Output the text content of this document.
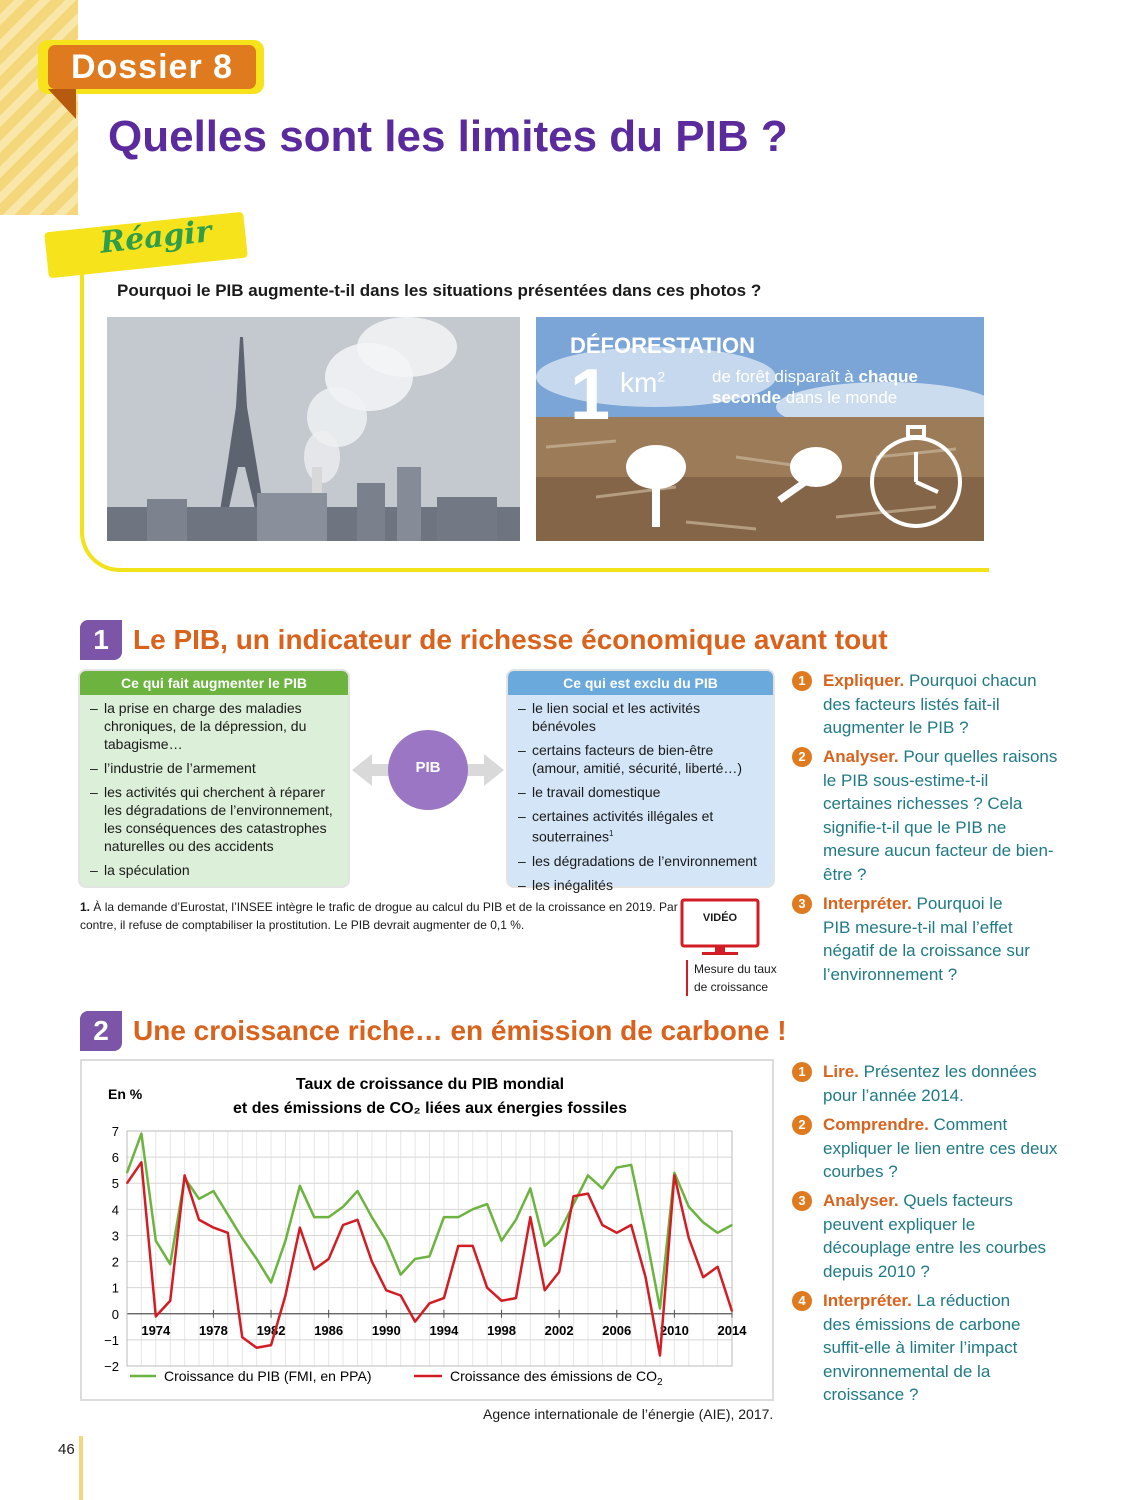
Dossier 8
Quelles sont les limites du PIB ?
Réagir
Pourquoi le PIB augmente-t-il dans les situations présentées dans ces photos ?
DÉFORESTATION
1 $km^2$	de forêt disparaît à chaque
seconde dans le monde
1 Le PIB, un indicateur de richesse économique avant tout
Ce qui fait augmenter le PIB
– la prise en charge des maladies chroniques, de la dépression, du tabagisme…
– l’industrie de l’armement
– les activités qui cherchent à réparer les dégradations de l’environnement, les conséquences des catastrophes naturelles ou des accidents
– la spéculation
PIB
Ce qui est exclu du PIB
– le lien social et les activités bénévoles
– certains facteurs de bien-être (amour, amitié, sécurité, liberté…)
– le travail domestique
– certaines activités illégales et souterraines$^1$
– les dégradations de l’environnement
– les inégalités
1. À la demande d’Eurostat, l’INSEE intègre le trafic de drogue au calcul du PIB et de la croissance en 2019. Par contre, il refuse de comptabiliser la prostitution. Le PIB devrait augmenter de 0,1 %.	VIDÉO
Mesure du taux
de croissance
1	Expliquer. Pourquoi chacun des facteurs listés fait-il augmenter le PIB ?
2	Analyser. Pour quelles raisons le PIB sous-estime-t-il certaines richesses ? Cela signifie-t-il que le PIB ne mesure aucun facteur de bien-être ?
3	Interpréter. Pourquoi le PIB mesure-t-il mal l’effet négatif de la croissance sur l’environnement ?
2 Une croissance riche… en émission de carbone !
Taux de croissance du PIB mondial
et des émissions de CO₂ liées aux énergies fossiles
En %
7
6
5
4
3
2
1
0
−1
−2
1974 1978 1982 1986 1990 1994 1998 2002 2006 2010 2014
Croissance du PIB (FMI, en PPA)	Croissance des émissions de $CO_2$
Agence internationale de l’énergie (AIE), 2017.
1	Lire. Présentez les données pour l’année 2014.
2	Comprendre. Comment expliquer le lien entre ces deux courbes ?
3	Analyser. Quels facteurs peuvent expliquer le découplage entre les courbes depuis 2010 ?
4	Interpréter. La réduction des émissions de carbone suffit-elle à limiter l’impact environnemental de la croissance ?
46
